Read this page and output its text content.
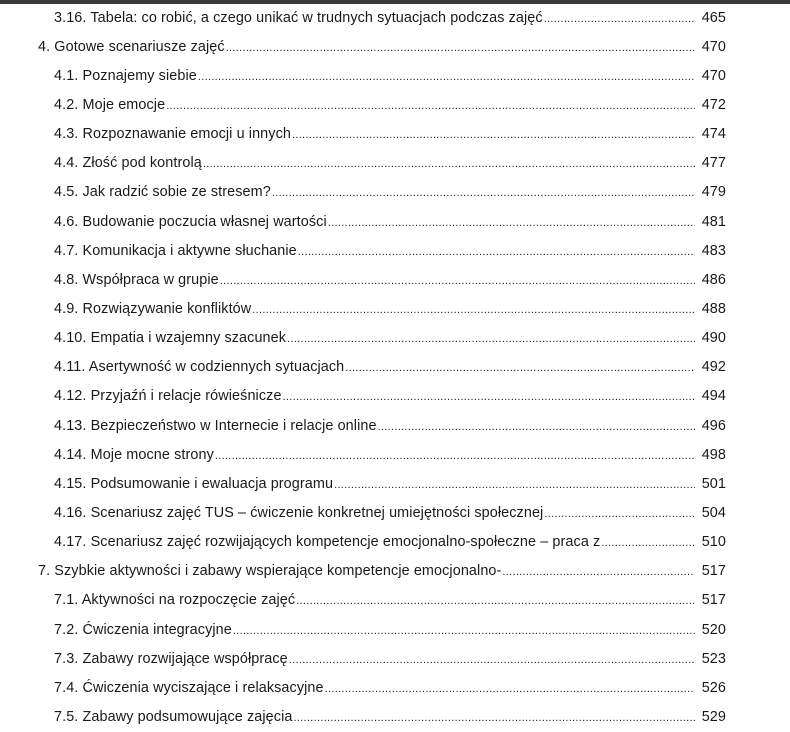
3.16. Tabela: co robić, a czego unikać w trudnych sytuacjach podczas zajęć .....	465
4. Gotowe scenariusze zajęć .....	470
4.1. Poznajemy siebie .....	470
4.2. Moje emocje .....	472
4.3. Rozpoznawanie emocji u innych .....	474
4.4. Złość pod kontrolą .....	477
4.5. Jak radzić sobie ze stresem? .....	479
4.6. Budowanie poczucia własnej wartości .....	481
4.7. Komunikacja i aktywne słuchanie .....	483
4.8. Współpraca w grupie .....	486
4.9. Rozwiązywanie konfliktów .....	488
4.10. Empatia i wzajemny szacunek .....	490
4.11. Asertywność w codziennych sytuacjach .....	492
4.12. Przyjaźń i relacje rówieśnicze .....	494
4.13. Bezpieczeństwo w Internecie i relacje online .....	496
4.14. Moje mocne strony .....	498
4.15. Podsumowanie i ewaluacja programu .....	501
4.16. Scenariusz zajęć TUS – ćwiczenie konkretnej umiejętności społecznej .....	504
4.17. Scenariusz zajęć rozwijających kompetencje emocjonalno-społeczne – praca z .....	510
7. Szybkie aktywności i zabawy wspierające kompetencje emocjonalno- .....	517
7.1. Aktywności na rozpoczęcie zajęć .....	517
7.2. Ćwiczenia integracyjne .....	520
7.3. Zabawy rozwijające współpracę .....	523
7.4. Ćwiczenia wyciszające i relaksacyjne .....	526
7.5. Zabawy podsumowujące zajęcia .....	529
